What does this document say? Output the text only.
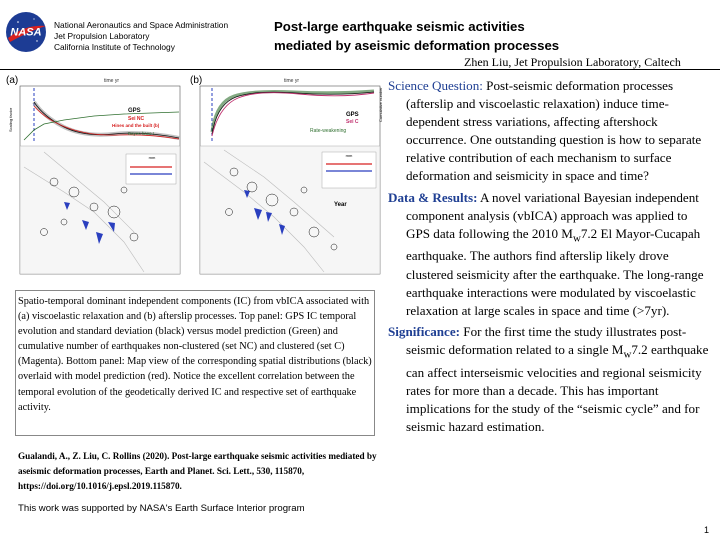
NASA
National Aeronautics and Space Administration
Jet Propulsion Laboratory
California Institute of Technology
Post-large earthquake seismic activities mediated by aseismic deformation processes
Zhen Liu, Jet Propulsion Laboratory, Caltech
(a)	time yr
Scaling factor	GPS
Sei NC
Hines and the built (b)
Bayes hace !
mm
(b)	time yr
Cumulative number
GPS
Sei C
Rate-weakening
mm
Year
Spatio-temporal dominant independent components (IC) from vbICA associated with (a) viscoelastic relaxation and (b) afterslip processes. Top panel: GPS IC temporal evolution and standard deviation (black) versus model prediction (Green) and cumulative number of earthquakes non-clustered (set NC) and clustered (set C) (Magenta). Bottom panel: Map view of the corresponding spatial distributions (black) overlaid with model prediction (red). Notice the excellent correlation between the temporal evolution of the geodetically derived IC and respective set of earthquake activity.
Gualandi, A., Z. Liu, C. Rollins (2020). Post-large earthquake seismic activities mediated by aseismic deformation processes, Earth and Planet. Sci. Lett., 530, 115870, https://doi.org/10.1016/j.epsl.2019.115870.
This work was supported by NASA's Earth Surface Interior program
1

Science Question: Post-seismic deformation processes (afterslip and viscoelastic relaxation) induce time-dependent stress variations, affecting aftershock occurrence. One outstanding question is how to separate relative contribution of each mechanism to surface deformation and seismicity in space and time?

Data & Results: A novel variational Bayesian independent component analysis (vbICA) approach was applied to GPS data following the 2010 $M_w7.2$ El Mayor-Cucapah earthquake. The authors find afterslip likely drove clustered seismicity after the earthquake. The long-range earthquake interactions were modulated by viscoelastic relaxation at large scales in space and time (>7yr).

Significance: For the first time the study illustrates post-seismic deformation related to a single $M_w7.2$ earthquake can affect interseismic velocities and regional seismicity rates for more than a decade. This has important implications for the study of the “seismic cycle” and for seismic hazard estimation.
